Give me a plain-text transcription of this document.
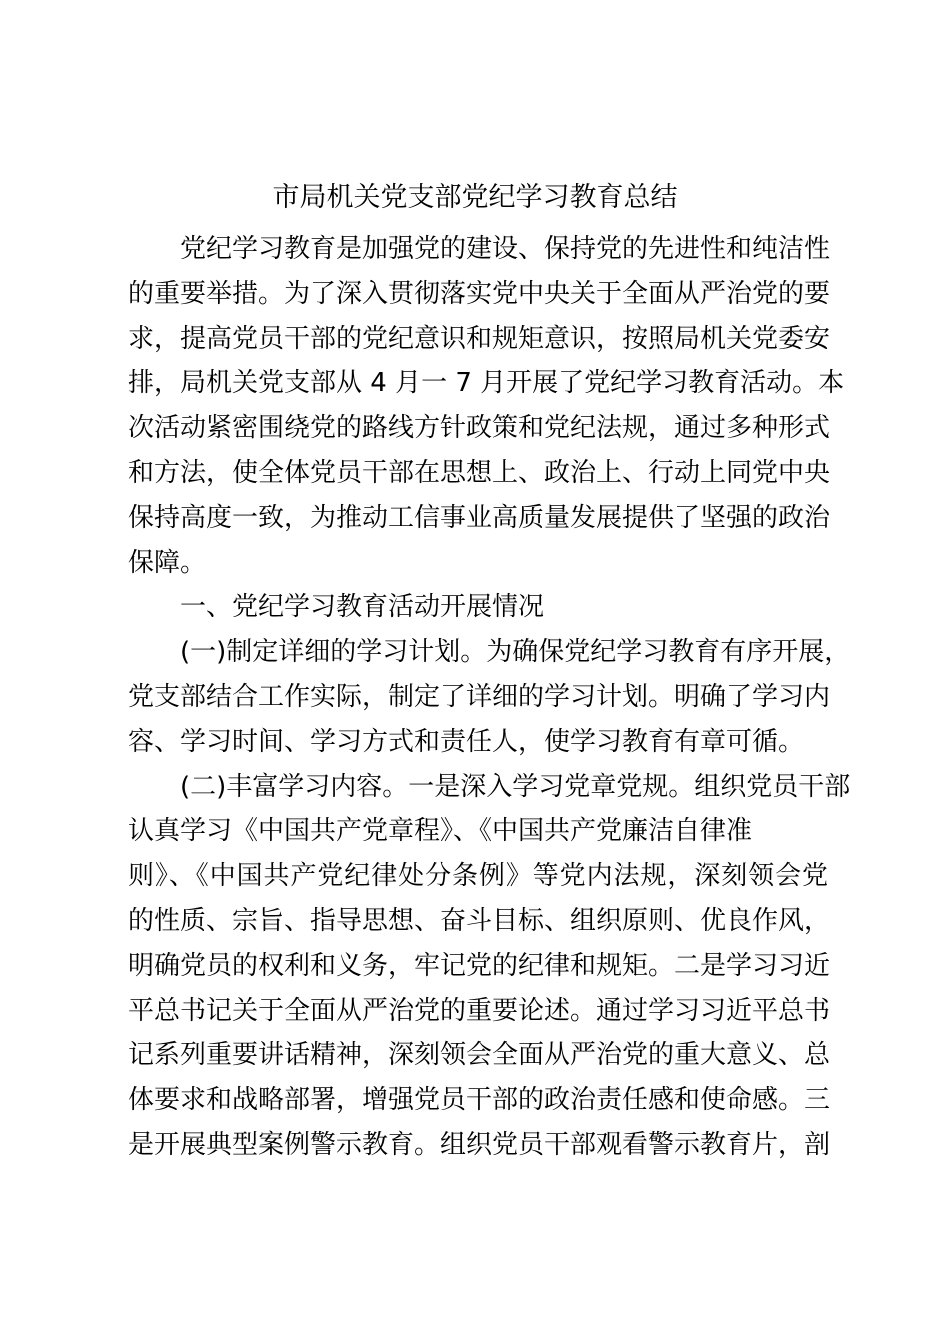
市局机关党支部党纪学习教育总结
党纪学习教育是加强党的建设、保持党的先进性和纯洁性
的重要举措。为了深入贯彻落实党中央关于全面从严治党的要
求，提高党员干部的党纪意识和规矩意识，按照局机关党委安
排，局机关党支部从 4 月一 7 月开展了党纪学习教育活动。本
次活动紧密围绕党的路线方针政策和党纪法规，通过多种形式
和方法，使全体党员干部在思想上、政治上、行动上同党中央
保持高度一致，为推动工信事业高质量发展提供了坚强的政治
保障。
一、党纪学习教育活动开展情况
(一)制定详细的学习计划。为确保党纪学习教育有序开展，
党支部结合工作实际，制定了详细的学习计划。明确了学习内
容、学习时间、学习方式和责任人，使学习教育有章可循。
(二)丰富学习内容。一是深入学习党章党规。组织党员干部
认真学习《中国共产党章程》、《中国共产党廉洁自律准
则》、《中国共产党纪律处分条例》等党内法规，深刻领会党
的性质、宗旨、指导思想、奋斗目标、组织原则、优良作风，
明确党员的权利和义务，牢记党的纪律和规矩。二是学习习近
平总书记关于全面从严治党的重要论述。通过学习习近平总书
记系列重要讲话精神，深刻领会全面从严治党的重大意义、总
体要求和战略部署，增强党员干部的政治责任感和使命感。三
是开展典型案例警示教育。组织党员干部观看警示教育片，剖
